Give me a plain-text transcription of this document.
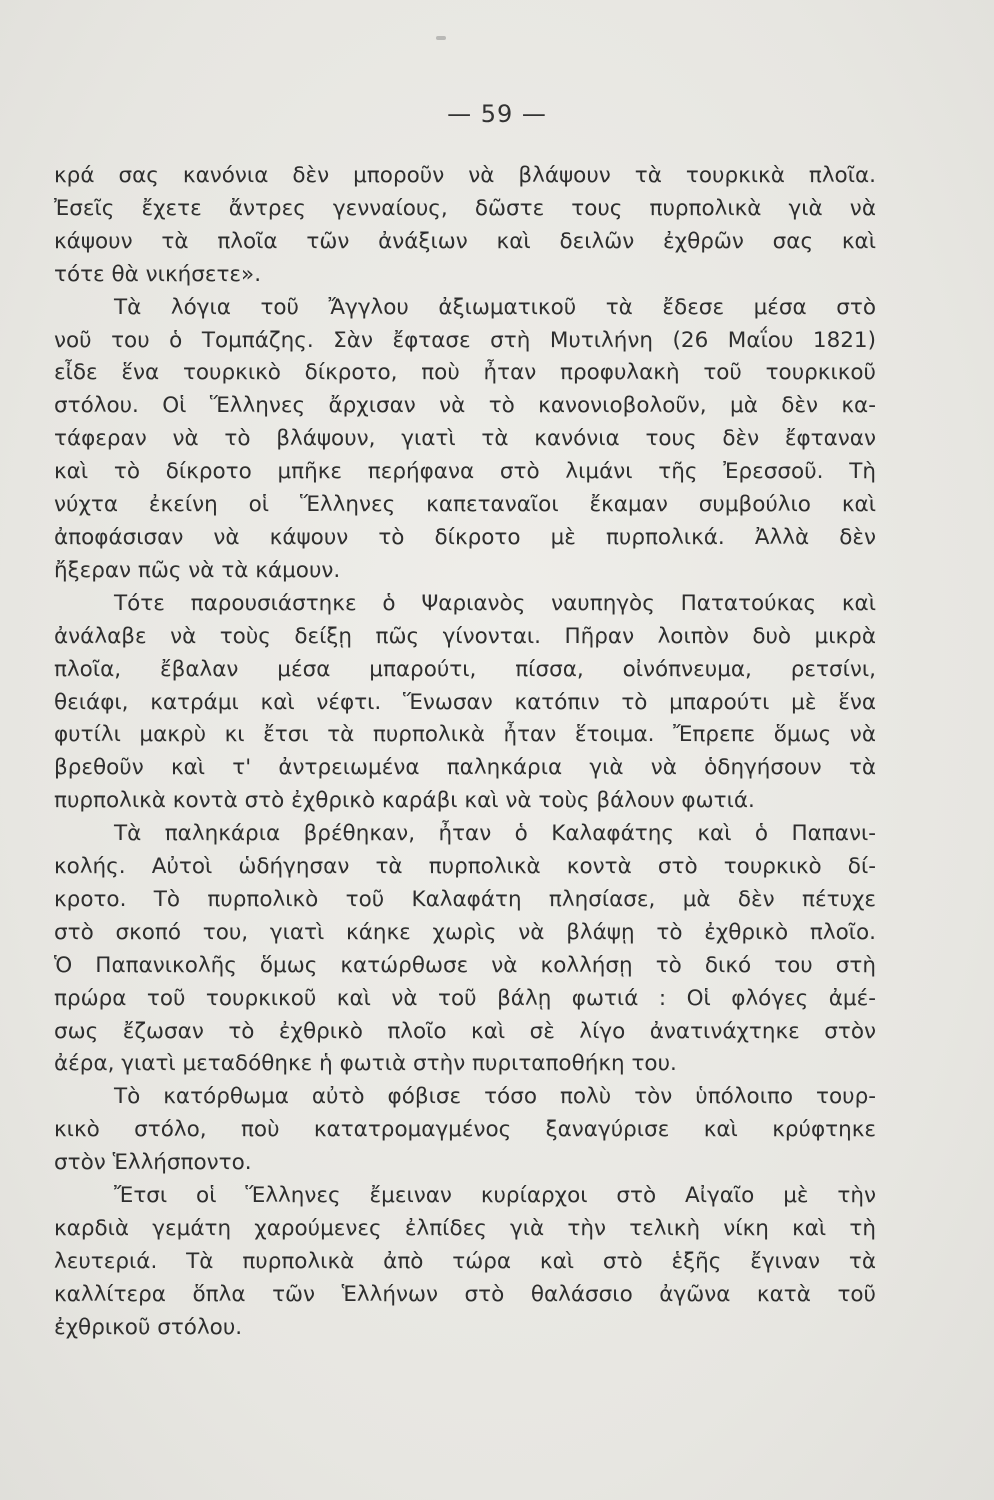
— 59 —
κρά σας κανόνια δὲν μποροῦν νὰ βλάψουν τὰ τουρκικὰ πλοῖα.
Ἐσεῖς ἔχετε ἄντρες γενναίους, δῶστε τους πυρπολικὰ γιὰ νὰ
κάψουν τὰ πλοῖα τῶν ἀνάξιων καὶ δειλῶν ἐχθρῶν σας καὶ
τότε θὰ νικήσετε».
Τὰ λόγια τοῦ Ἄγγλου ἀξιωματικοῦ τὰ ἔδεσε μέσα στὸ
νοῦ του ὁ Τομπάζης. Σὰν ἔφτασε στὴ Μυτιλήνη (26 Μαΐου 1821)
εἶδε ἕνα τουρκικὸ δίκροτο, ποὺ ἦταν προφυλακὴ τοῦ τουρκικοῦ
στόλου. Οἱ Ἕλληνες ἄρχισαν νὰ τὸ κανονιοβολοῦν, μὰ δὲν κα-
τάφεραν νὰ τὸ βλάψουν, γιατὶ τὰ κανόνια τους δὲν ἔφταναν
καὶ τὸ δίκροτο μπῆκε περήφανα στὸ λιμάνι τῆς Ἐρεσσοῦ. Τὴ
νύχτα ἐκείνη οἱ Ἕλληνες καπεταναῖοι ἔκαμαν συμβούλιο καὶ
ἀποφάσισαν νὰ κάψουν τὸ δίκροτο μὲ πυρπολικά. Ἀλλὰ δὲν
ἤξεραν πῶς νὰ τὰ κάμουν.
Τότε παρουσιάστηκε ὁ Ψαριανὸς ναυπηγὸς Πατατούκας καὶ
ἀνάλαβε νὰ τοὺς δείξῃ πῶς γίνονται. Πῆραν λοιπὸν δυὸ μικρὰ
πλοῖα, ἔβαλαν μέσα μπαρούτι, πίσσα, οἰνόπνευμα, ρετσίνι,
θειάφι, κατράμι καὶ νέφτι. Ἕνωσαν κατόπιν τὸ μπαρούτι μὲ ἕνα
φυτίλι μακρὺ κι ἔτσι τὰ πυρπολικὰ ἦταν ἕτοιμα. Ἔπρεπε ὅμως νὰ
βρεθοῦν καὶ τ' ἀντρειωμένα παληκάρια γιὰ νὰ ὁδηγήσουν τὰ
πυρπολικὰ κοντὰ στὸ ἐχθρικὸ καράβι καὶ νὰ τοὺς βάλουν φωτιά.
Τὰ παληκάρια βρέθηκαν, ἦταν ὁ Καλαφάτης καὶ ὁ Παπανι-
κολής. Αὐτοὶ ὡδήγησαν τὰ πυρπολικὰ κοντὰ στὸ τουρκικὸ δί-
κροτο. Τὸ πυρπολικὸ τοῦ Καλαφάτη πλησίασε, μὰ δὲν πέτυχε
στὸ σκοπό του, γιατὶ κάηκε χωρὶς νὰ βλάψῃ τὸ ἐχθρικὸ πλοῖο.
Ὁ Παπανικολῆς ὅμως κατώρθωσε νὰ κολλήσῃ τὸ δικό του στὴ
πρώρα τοῦ τουρκικοῦ καὶ νὰ τοῦ βάλῃ φωτιά : Οἱ φλόγες ἀμέ-
σως ἔζωσαν τὸ ἐχθρικὸ πλοῖο καὶ σὲ λίγο ἀνατινάχτηκε στὸν
ἀέρα, γιατὶ μεταδόθηκε ἡ φωτιὰ στὴν πυριταποθήκη του.
Τὸ κατόρθωμα αὐτὸ φόβισε τόσο πολὺ τὸν ὑπόλοιπο τουρ-
κικὸ στόλο, ποὺ κατατρομαγμένος ξαναγύρισε καὶ κρύφτηκε
στὸν Ἑλλήσποντο.
Ἔτσι οἱ Ἕλληνες ἔμειναν κυρίαρχοι στὸ Αἰγαῖο μὲ τὴν
καρδιὰ γεμάτη χαρούμενες ἐλπίδες γιὰ τὴν τελικὴ νίκη καὶ τὴ
λευτεριά. Τὰ πυρπολικὰ ἀπὸ τώρα καὶ στὸ ἑξῆς ἔγιναν τὰ
καλλίτερα ὅπλα τῶν Ἑλλήνων στὸ θαλάσσιο ἀγῶνα κατὰ τοῦ
ἐχθρικοῦ στόλου.
